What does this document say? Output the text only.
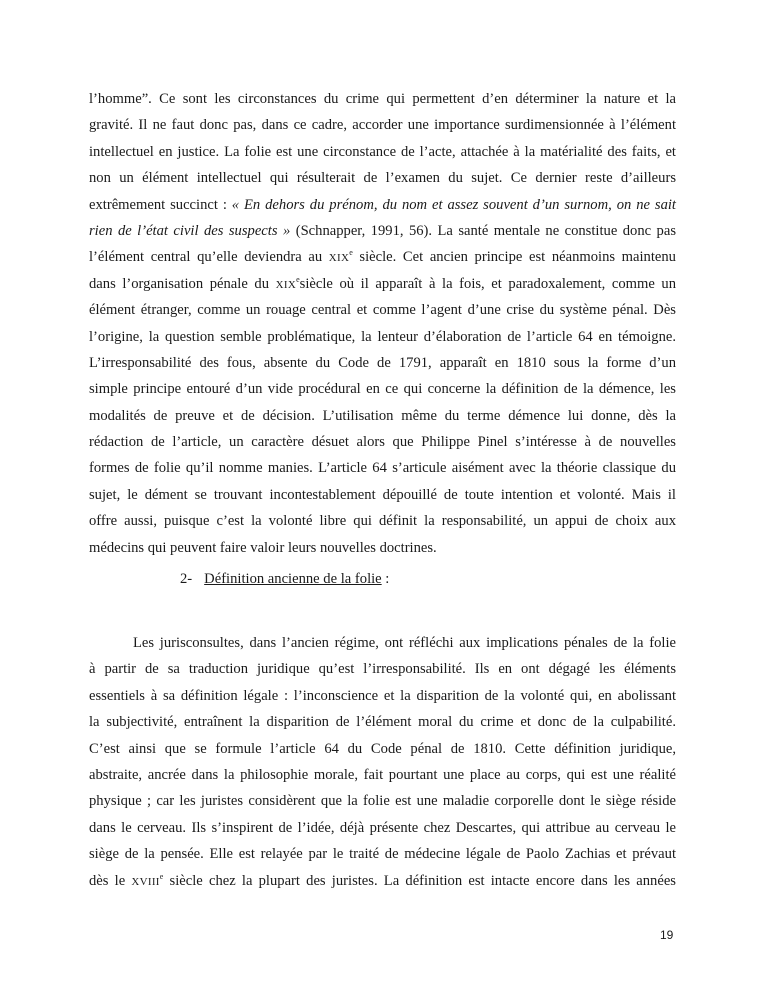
l’homme”. Ce sont les circonstances du crime qui permettent d’en déterminer la nature et la
gravité. Il ne faut donc pas, dans ce cadre, accorder une importance surdimensionnée à l’élément
intellectuel en justice. La folie est une circonstance de l’acte, attachée à la matérialité des faits, et
non un élément intellectuel qui résulterait de l’examen du sujet. Ce dernier reste d’ailleurs
extrêmement succinct : « En dehors du prénom, du nom et assez souvent d’un surnom, on ne sait
rien de l’état civil des suspects » (Schnapper, 1991, 56). La santé mentale ne constitue donc pas
l’élément central qu’elle deviendra au XIXe siècle. Cet ancien principe est néanmoins maintenu
dans l’organisation pénale du XIXesiècle où il apparaît à la fois, et paradoxalement, comme un
élément étranger, comme un rouage central et comme l’agent d’une crise du système pénal. Dès
l’origine, la question semble problématique, la lenteur d’élaboration de l’article 64 en témoigne.
L’irresponsabilité des fous, absente du Code de 1791, apparaît en 1810 sous la forme d’un
simple principe entouré d’un vide procédural en ce qui concerne la définition de la démence, les
modalités de preuve et de décision. L’utilisation même du terme démence lui donne, dès la
rédaction de l’article, un caractère désuet alors que Philippe Pinel s’intéresse à de nouvelles
formes de folie qu’il nomme manies. L’article 64 s’articule aisément avec la théorie classique du
sujet, le dément se trouvant incontestablement dépouillé de toute intention et volonté. Mais il
offre aussi, puisque c’est la volonté libre qui définit la responsabilité, un appui de choix aux
médecins qui peuvent faire valoir leurs nouvelles doctrines.
2- Définition ancienne de la folie :
Les jurisconsultes, dans l’ancien régime, ont réfléchi aux implications pénales de la folie
à partir de sa traduction juridique qu’est l’irresponsabilité. Ils en ont dégagé les éléments
essentiels à sa définition légale : l’inconscience et la disparition de la volonté qui, en abolissant
la subjectivité, entraînent la disparition de l’élément moral du crime et donc de la culpabilité.
C’est ainsi que se formule l’article 64 du Code pénal de 1810. Cette définition juridique,
abstraite, ancrée dans la philosophie morale, fait pourtant une place au corps, qui est une réalité
physique ; car les juristes considèrent que la folie est une maladie corporelle dont le siège réside
dans le cerveau. Ils s’inspirent de l’idée, déjà présente chez Descartes, qui attribue au cerveau le
siège de la pensée. Elle est relayée par le traité de médecine légale de Paolo Zachias et prévaut
dès le XVIIIe siècle chez la plupart des juristes. La définition est intacte encore dans les années
19
